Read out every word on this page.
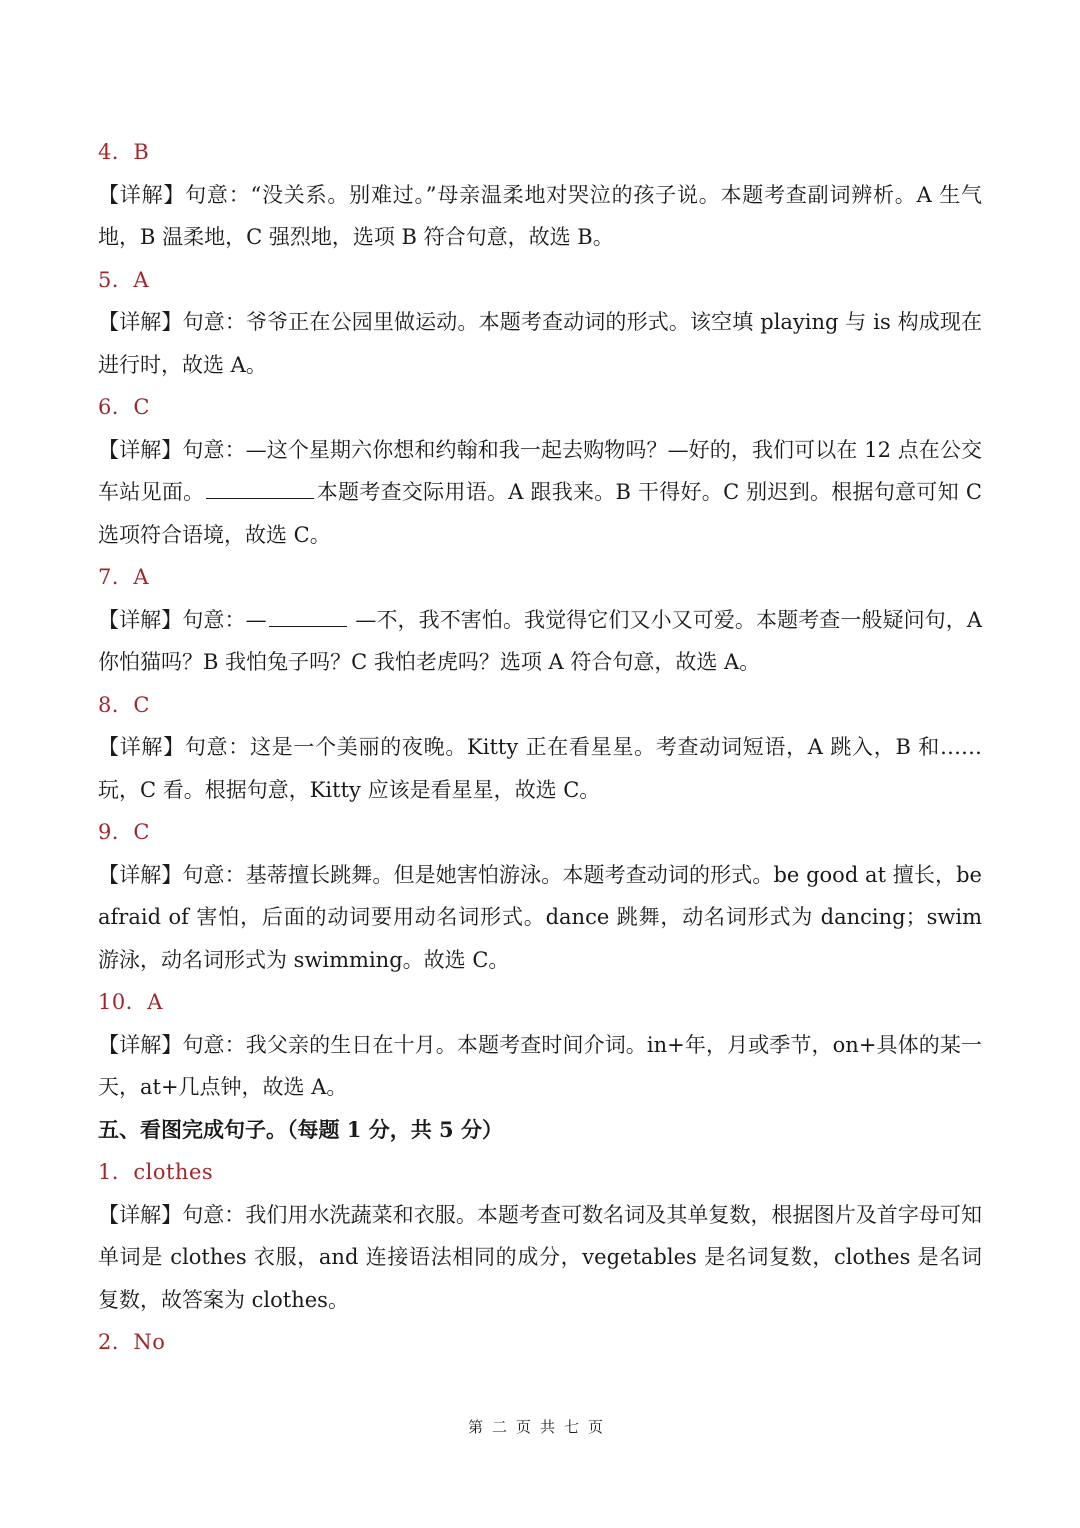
4．B

【详解】句意：“没关系。别难过。”母亲温柔地对哭泣的孩子说。本题考查副词辨析。A 生气地，B 温柔地，C 强烈地，选项 B 符合句意，故选 B。

5．A

【详解】句意：爷爷正在公园里做运动。本题考查动词的形式。该空填 playing 与 is 构成现在进行时，故选 A。

6．C

【详解】句意：—这个星期六你想和约翰和我一起去购物吗？—好的，我们可以在 12 点在公交车站见面。	本题考查交际用语。A 跟我来。B 干得好。C 别迟到。根据句意可知 C 选项符合语境，故选 C。

7．A

【详解】句意：—	—不，我不害怕。我觉得它们又小又可爱。本题考查一般疑问句，A 你怕猫吗？B 我怕兔子吗？C 我怕老虎吗？选项 A 符合句意，故选 A。

8．C

【详解】句意：这是一个美丽的夜晚。Kitty 正在看星星。考查动词短语，A 跳入，B 和……玩，C 看。根据句意，Kitty 应该是看星星，故选 C。

9．C

【详解】句意：基蒂擅长跳舞。但是她害怕游泳。本题考查动词的形式。be good at 擅长，be afraid of 害怕，后面的动词要用动名词形式。dance 跳舞，动名词形式为 dancing；swim 游泳，动名词形式为 swimming。故选 C。

10．A

【详解】句意：我父亲的生日在十月。本题考查时间介词。in+年，月或季节，on+具体的某一天，at+几点钟，故选 A。

五、看图完成句子。（每题 1 分，共 5 分）

1．clothes

【详解】句意：我们用水洗蔬菜和衣服。本题考查可数名词及其单复数，根据图片及首字母可知单词是 clothes 衣服，and 连接语法相同的成分，vegetables 是名词复数，clothes 是名词复数，故答案为 clothes。

2．No
第二页共七页
